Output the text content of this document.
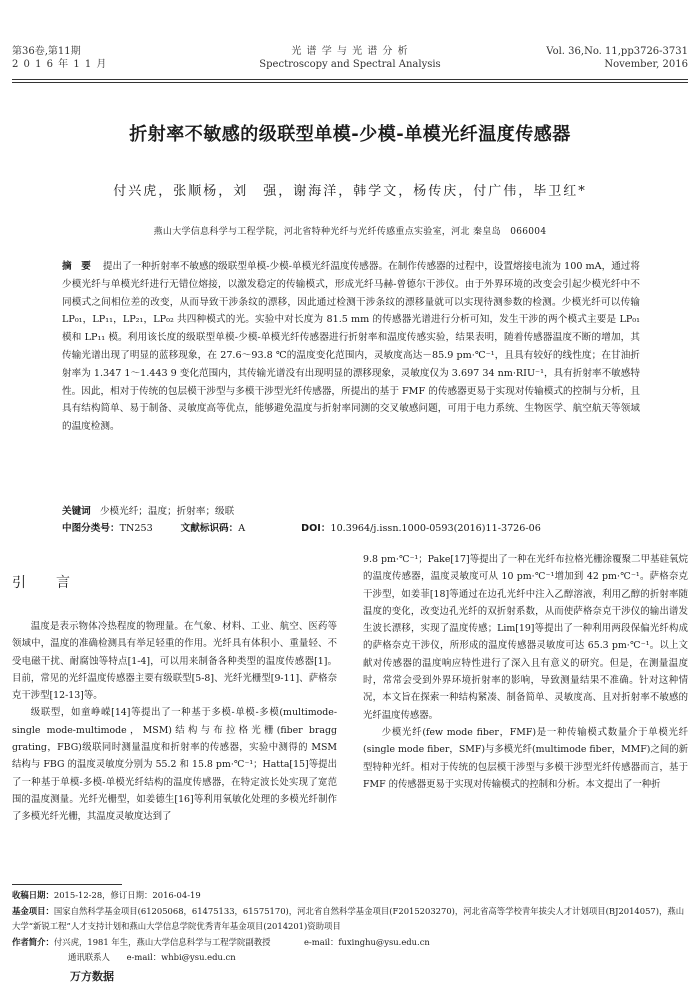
第36卷,第11期
2 0 1 6 年 1 1 月
光 谱 学 与 光 谱 分 析
Spectroscopy and Spectral Analysis
Vol. 36,No. 11,pp3726-3731
November, 2016
折射率不敏感的级联型单模-少模-单模光纤温度传感器
付兴虎，张顺杨，刘　强，谢海洋，韩学文，杨传庆，付广伟，毕卫红*
燕山大学信息科学与工程学院，河北省特种光纤与光纤传感重点实验室，河北 秦皇岛　066004
摘　要 提出了一种折射率不敏感的级联型单模-少模-单模光纤温度传感器。在制作传感器的过程中，设置熔接电流为 100 mA，通过将少模光纤与单模光纤进行无错位熔接，以激发稳定的传输模式，形成光纤马赫-曾德尔干涉仪。由于外界环境的改变会引起少模光纤中不同模式之间相位差的改变，从而导致干涉条纹的漂移，因此通过检测干涉条纹的漂移量就可以实现待测参数的检测。少模光纤可以传输 LP₀₁，LP₁₁，LP₂₁，LP₀₂ 共四种模式的光。实验中对长度为 81.5 mm 的传感器光谱进行分析可知，发生干涉的两个模式主要是 LP₀₁ 模和 LP₁₁ 模。利用该长度的级联型单模-少模-单模光纤传感器进行折射率和温度传感实验，结果表明，随着传感器温度不断的增加，其传输光谱出现了明显的蓝移现象，在 27.6～93.8 ℃的温度变化范围内，灵敏度高达－85.9 pm·℃⁻¹，且具有较好的线性度；在甘油折射率为 1.347 1～1.443 9 变化范围内，其传输光谱没有出现明显的漂移现象，灵敏度仅为 3.697 34 nm·RIU⁻¹，具有折射率不敏感特性。因此，相对于传统的包层模干涉型与多模干涉型光纤传感器，所提出的基于 FMF 的传感器更易于实现对传输模式的控制与分析，且具有结构简单、易于制备、灵敏度高等优点，能够避免温度与折射率同测的交叉敏感问题，可用于电力系统、生物医学、航空航天等领域的温度检测。
关键词 少模光纤；温度；折射率；级联
中图分类号：TN253	文献标识码：A	DOI：10.3964/j.issn.1000-0593(2016)11-3726-06
引　言

温度是表示物体冷热程度的物理量。在气象、材料、工业、航空、医药等领域中，温度的准确检测具有举足轻重的作用。光纤具有体积小、重量轻、不受电磁干扰、耐腐蚀等特点[1-4]，可以用来制备各种类型的温度传感器[1]。目前，常见的光纤温度传感器主要有级联型[5-8]、光纤光栅型[9-11]、萨格奈克干涉型[12-13]等。

级联型，如童峥嵘[14]等提出了一种基于多模-单模-多模(multimode-single mode-multimode，MSM)结构与布拉格光栅(fiber bragg grating，FBG)级联同时测量温度和折射率的传感器，实验中测得的 MSM 结构与 FBG 的温度灵敏度分别为 55.2 和 15.8 pm·℃⁻¹；Hatta[15]等提出了一种基于单模-多模-单模光纤结构的温度传感器，在特定波长处实现了宽范围的温度测量。光纤光栅型，如姜德生[16]等利用氧敏化处理的多模光纤制作了多模光纤光栅，其温度灵敏度达到了

9.8 pm·℃⁻¹；Pake[17]等提出了一种在光纤布拉格光栅涂覆聚二甲基硅氧烷的温度传感器，温度灵敏度可从 10 pm·℃⁻¹增加到 42 pm·℃⁻¹。萨格奈克干涉型，如姜菲[18]等通过在边孔光纤中注入乙醇溶液，利用乙醇的折射率随温度的变化，改变边孔光纤的双折射系数，从而使萨格奈克干涉仪的输出谱发生波长漂移，实现了温度传感；Lim[19]等提出了一种利用两段保偏光纤构成的萨格奈克干涉仪，所形成的温度传感器灵敏度可达 65.3 pm·℃⁻¹。以上文献对传感器的温度响应特性进行了深入且有意义的研究。但是，在测量温度时，常常会受到外界环境折射率的影响，导致测量结果不准确。针对这种情况，本文旨在探索一种结构紧凑、制备简单、灵敏度高、且对折射率不敏感的光纤温度传感器。

少模光纤(few mode fiber，FMF)是一种传输模式数量介于单模光纤(single mode fiber，SMF)与多模光纤(multimode fiber，MMF)之间的新型特种光纤。相对于传统的包层模干涉型与多模干涉型光纤传感器而言，基于 FMF 的传感器更易于实现对传输模式的控制和分析。本文提出了一种折

收稿日期：2015-12-28，修订日期：2016-04-19
基金项目：国家自然科学基金项目(61205068，61475133，61575170)，河北省自然科学基金项目(F2015203270)，河北省高等学校青年拔尖人才计划项目(BJ2014057)，燕山大学“新锐工程”人才支持计划和燕山大学信息学院优秀青年基金项目(2014201)资助项目
作者简介：付兴虎，1981 年生，燕山大学信息科学与工程学院副教授　　　　e-mail：fuxinghu@ysu.edu.cn
通讯联系人　　e-mail：whbi@ysu.edu.cn
万方数据
